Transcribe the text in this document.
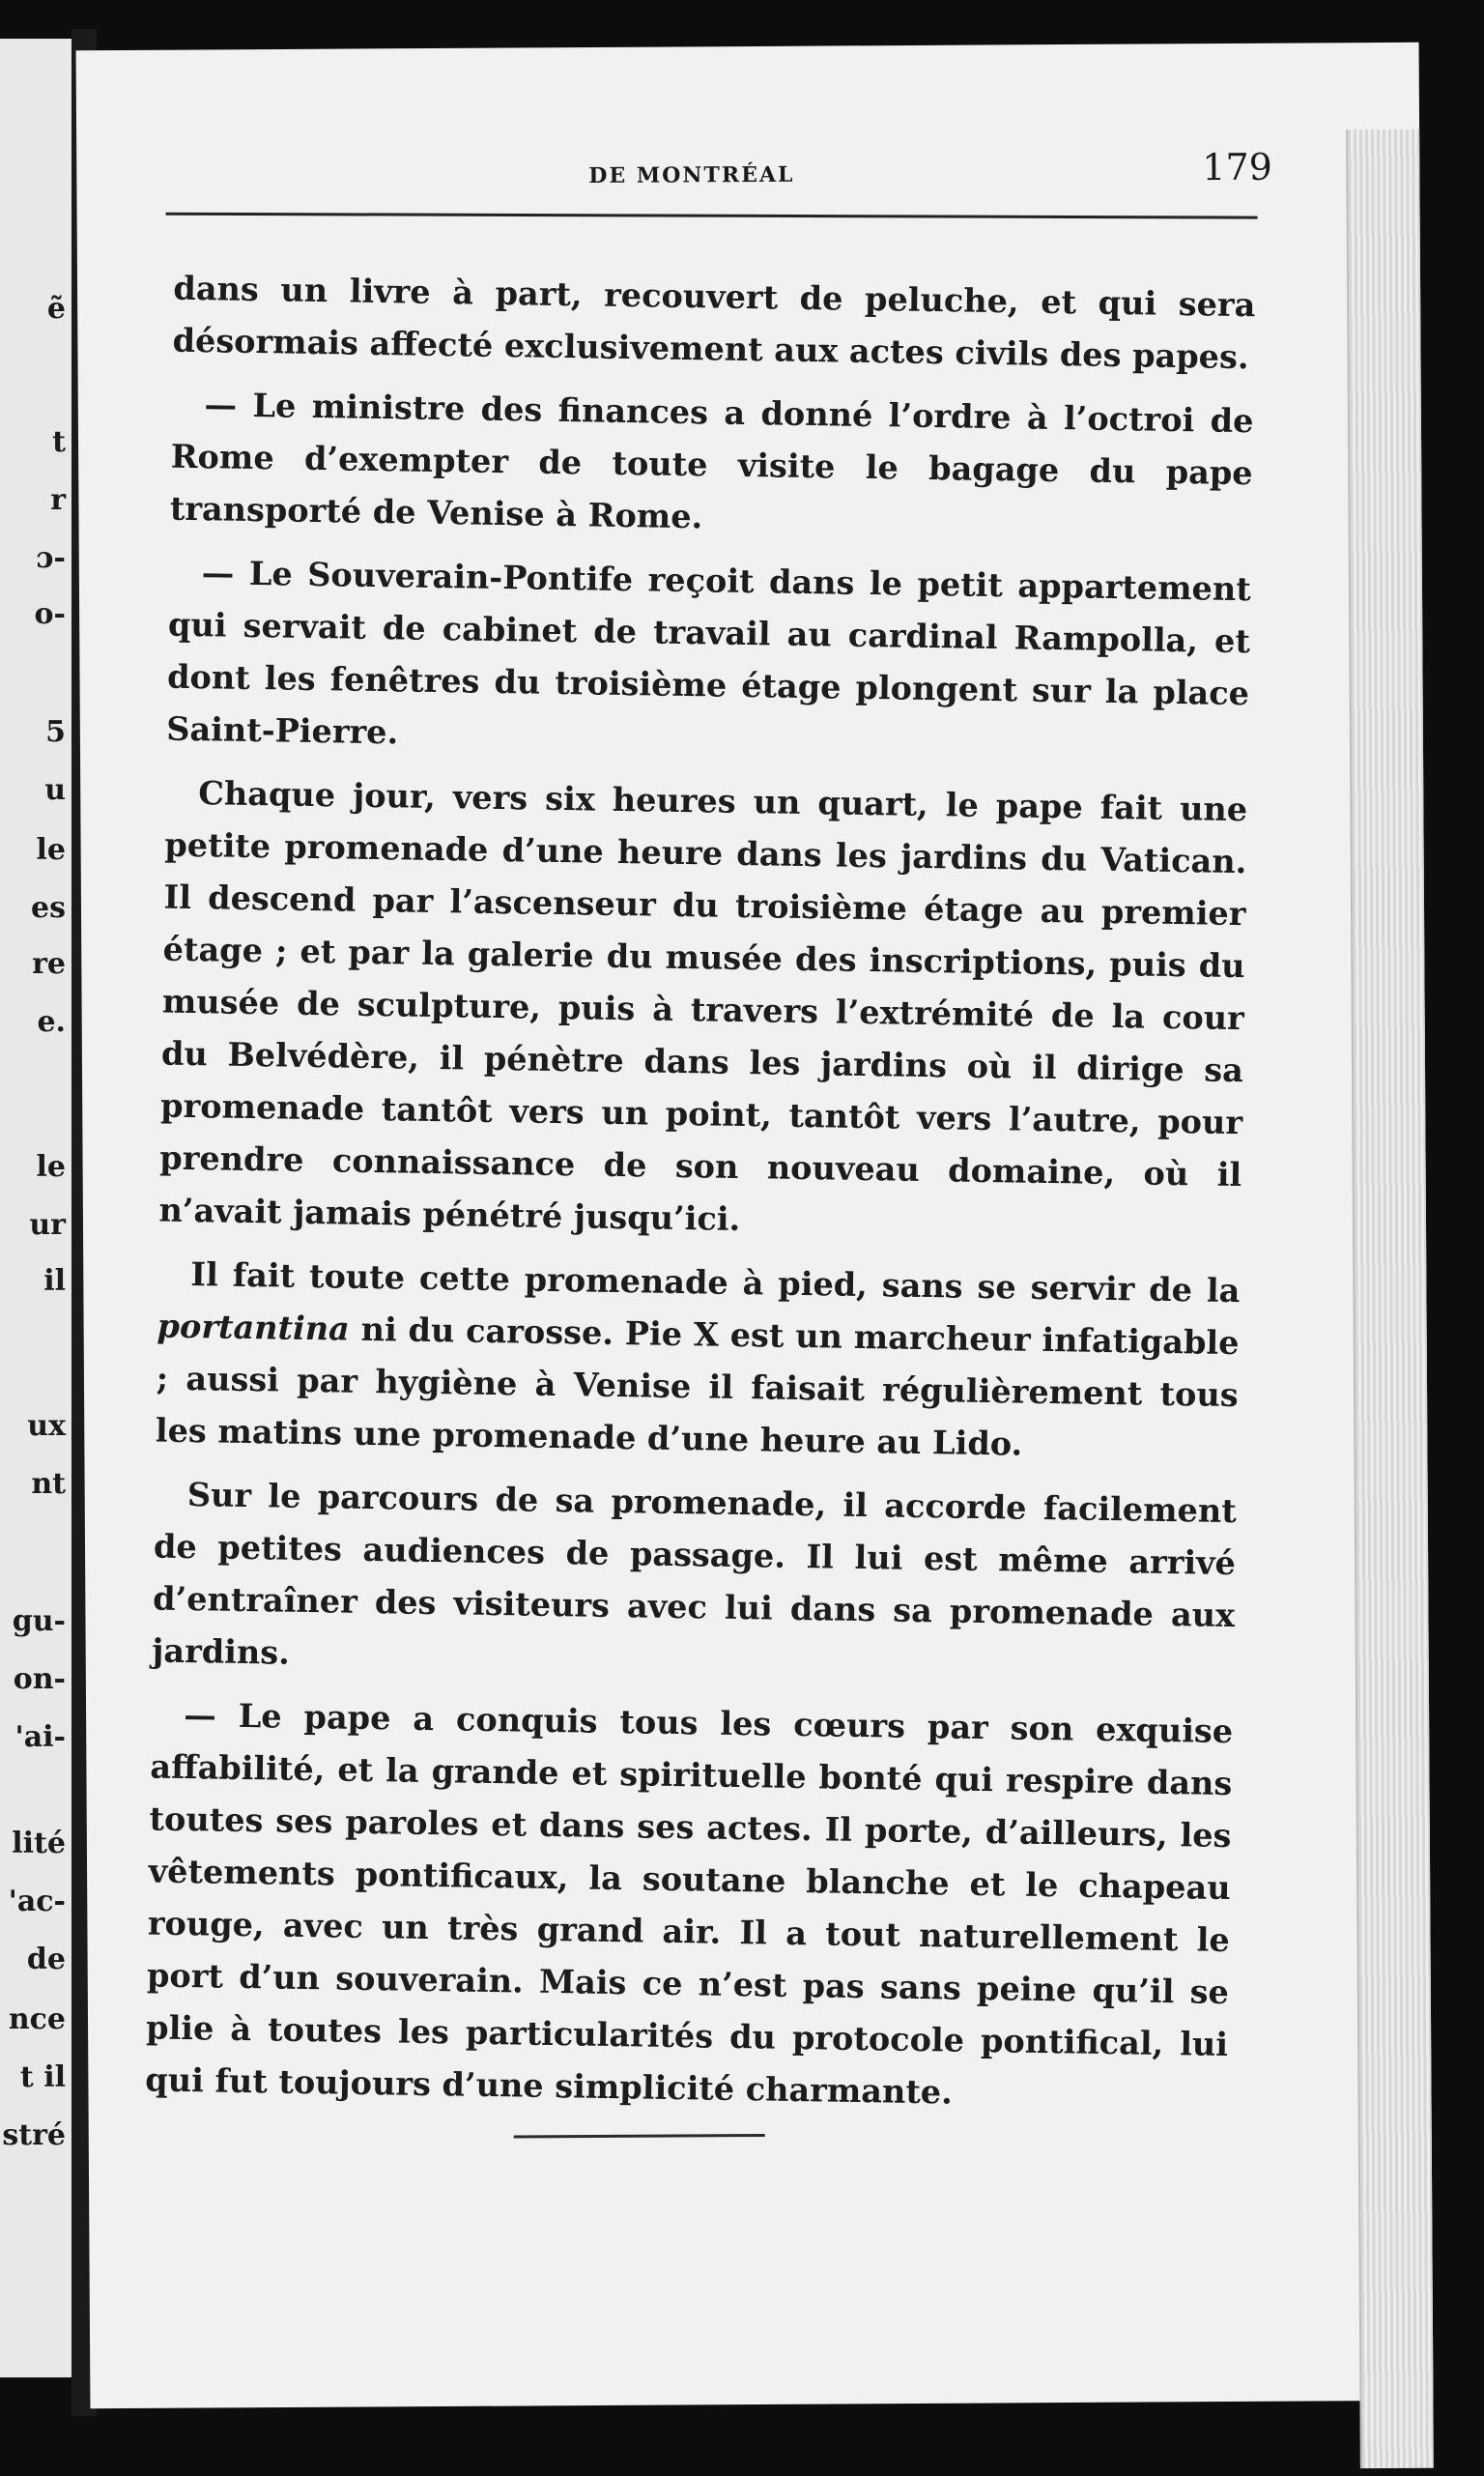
ẽ
t
r
ɔ-
o-
5
u
le
es
re
e.
le
ur
il
ux
nt
gu-
on-
'ai-
lité
'ac-
de
nce
t il
stré
DE MONTRÉAL	179

dans un livre à part, recouvert de peluche, et qui sera désormais affecté exclusivement aux actes civils des papes.

— Le ministre des finances a donné l’ordre à l’octroi de Rome d’exempter de toute visite le bagage du pape transporté de Venise à Rome.

— Le Souverain-Pontife reçoit dans le petit appartement qui servait de cabinet de travail au cardinal Rampolla, et dont les fenêtres du troisième étage plongent sur la place Saint-Pierre.

Chaque jour, vers six heures un quart, le pape fait une petite promenade d’une heure dans les jardins du Vatican. Il descend par l’ascenseur du troisième étage au premier étage ; et par la galerie du musée des inscriptions, puis du musée de sculpture, puis à travers l’extrémité de la cour du Belvédère, il pénètre dans les jardins où il dirige sa promenade tantôt vers un point, tantôt vers l’autre, pour prendre connaissance de son nouveau domaine, où il n’avait jamais pénétré jusqu’ici.

Il fait toute cette promenade à pied, sans se servir de la portantina ni du carosse. Pie X est un marcheur infatigable ; aussi par hygiène à Venise il faisait régulièrement tous les matins une promenade d’une heure au Lido.

Sur le parcours de sa promenade, il accorde facilement de petites audiences de passage. Il lui est même arrivé d’entraîner des visiteurs avec lui dans sa promenade aux jardins.

— Le pape a conquis tous les cœurs par son exquise affabilité, et la grande et spirituelle bonté qui respire dans toutes ses paroles et dans ses actes. Il porte, d’ailleurs, les vêtements pontificaux, la soutane blanche et le chapeau rouge, avec un très grand air. Il a tout naturellement le port d’un souverain. Mais ce n’est pas sans peine qu’il se plie à toutes les particularités du protocole pontifical, lui qui fut toujours d’une simplicité charmante.
